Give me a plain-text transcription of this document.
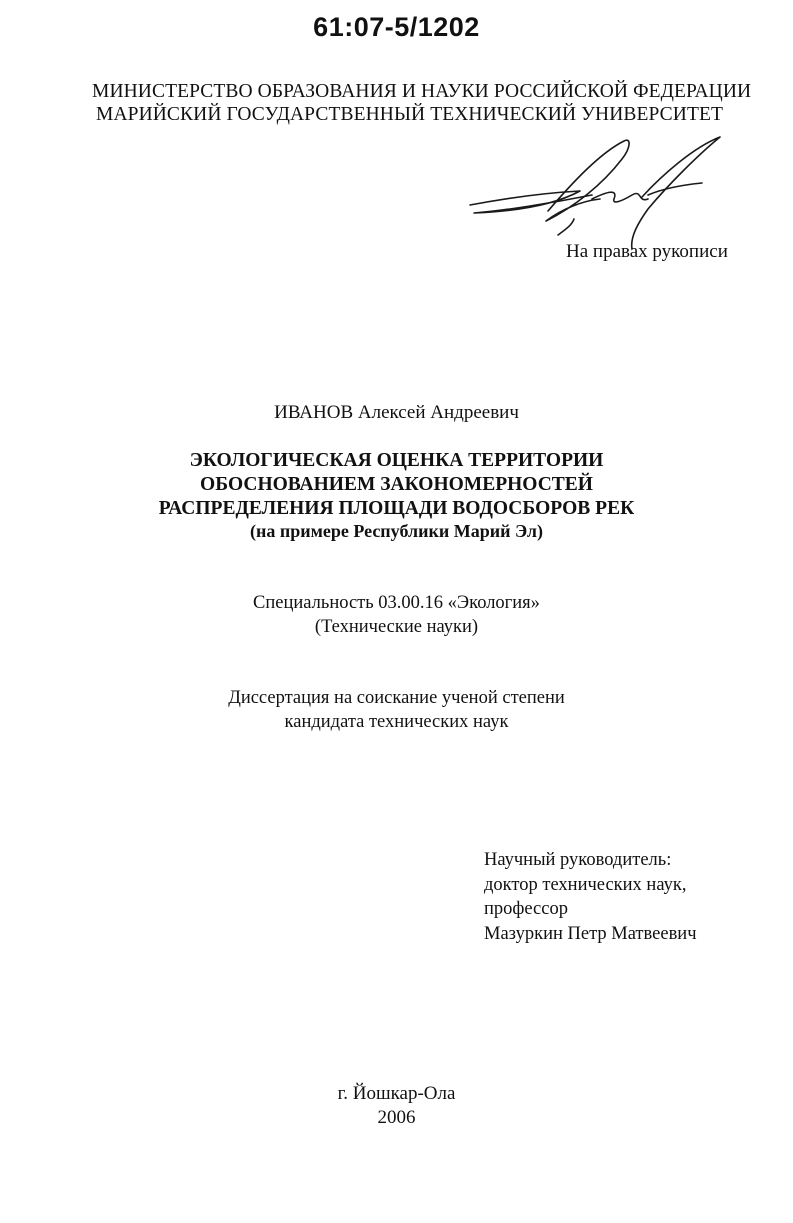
61:07-5/1202
МИНИСТЕРСТВО ОБРАЗОВАНИЯ И НАУКИ РОССИЙСКОЙ ФЕДЕРАЦИИ
МАРИЙСКИЙ ГОСУДАРСТВЕННЫЙ ТЕХНИЧЕСКИЙ УНИВЕРСИТЕТ
На правах рукописи
ИВАНОВ Алексей Андреевич
ЭКОЛОГИЧЕСКАЯ ОЦЕНКА ТЕРРИТОРИИ
ОБОСНОВАНИЕМ ЗАКОНОМЕРНОСТЕЙ
РАСПРЕДЕЛЕНИЯ ПЛОЩАДИ ВОДОСБОРОВ РЕК
(на примере Республики Марий Эл)
Специальность 03.00.16 «Экология»
(Технические науки)
Диссертация на соискание ученой степени
кандидата технических наук
Научный руководитель:
доктор технических наук,
профессор
Мазуркин Петр Матвеевич
г. Йошкар-Ола
2006
